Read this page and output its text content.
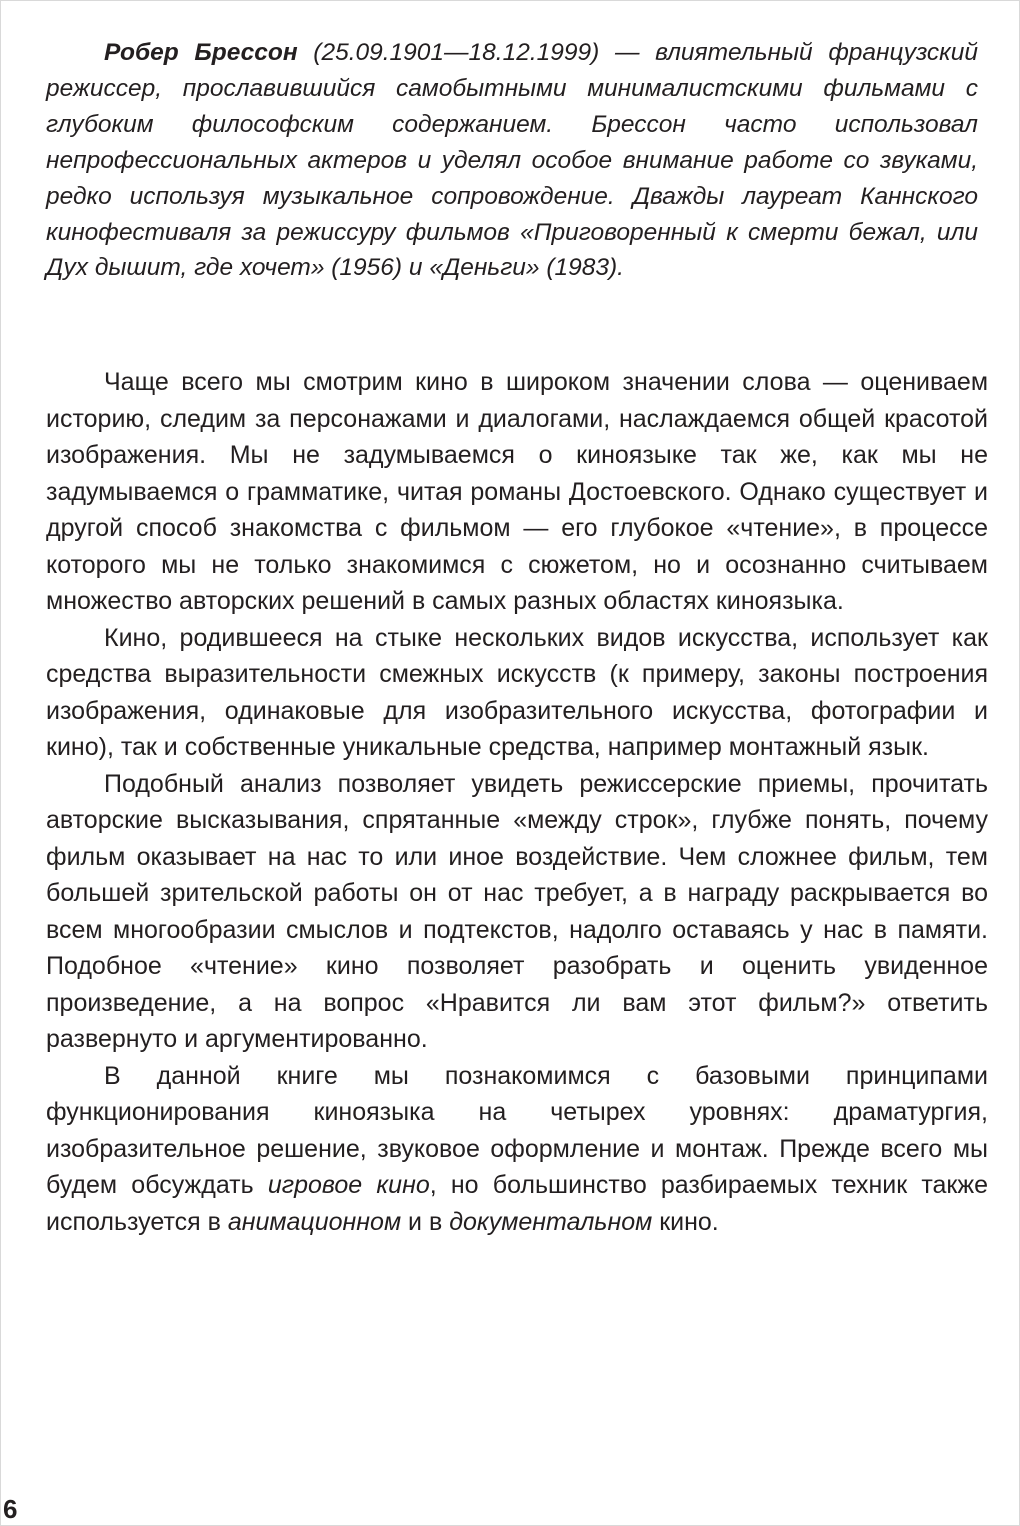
Робер Брессон (25.09.1901—18.12.1999) — влиятельный французский режиссер, прославившийся самобытными минималистскими фильмами с глубоким философским содержанием. Брессон часто использовал непрофессиональных актеров и уделял особое внимание работе со звуками, редко используя музыкальное сопровождение. Дважды лауреат Каннского кинофестиваля за режиссуру фильмов «Приговоренный к смерти бежал, или Дух дышит, где хочет» (1956) и «Деньги» (1983).

Чаще всего мы смотрим кино в широком значении слова — оцениваем историю, следим за персонажами и диалогами, наслаждаемся общей красотой изображения. Мы не задумываемся о киноязыке так же, как мы не задумываемся о грамматике, читая романы Достоевского. Однако существует и другой способ знакомства с фильмом — его глубокое «чтение», в процессе которого мы не только знакомимся с сюжетом, но и осознанно считываем множество авторских решений в самых разных областях киноязыка.

Кино, родившееся на стыке нескольких видов искусства, использует как средства выразительности смежных искусств (к примеру, законы построения изображения, одинаковые для изобразительного искусства, фотографии и кино), так и собственные уникальные средства, например монтажный язык.

Подобный анализ позволяет увидеть режиссерские приемы, прочитать авторские высказывания, спрятанные «между строк», глубже понять, почему фильм оказывает на нас то или иное воздействие. Чем сложнее фильм, тем большей зрительской работы он от нас требует, а в награду раскрывается во всем многообразии смыслов и подтекстов, надолго оставаясь у нас в памяти. Подобное «чтение» кино позволяет разобрать и оценить увиденное произведение, а на вопрос «Нравится ли вам этот фильм?» ответить развернуто и аргументированно.

В данной книге мы познакомимся с базовыми принципами функционирования киноязыка на четырех уровнях: драматургия, изобразительное решение, звуковое оформление и монтаж. Прежде всего мы будем обсуждать игровое кино, но большинство разбираемых техник также используется в анимационном и в документальном кино.

6
